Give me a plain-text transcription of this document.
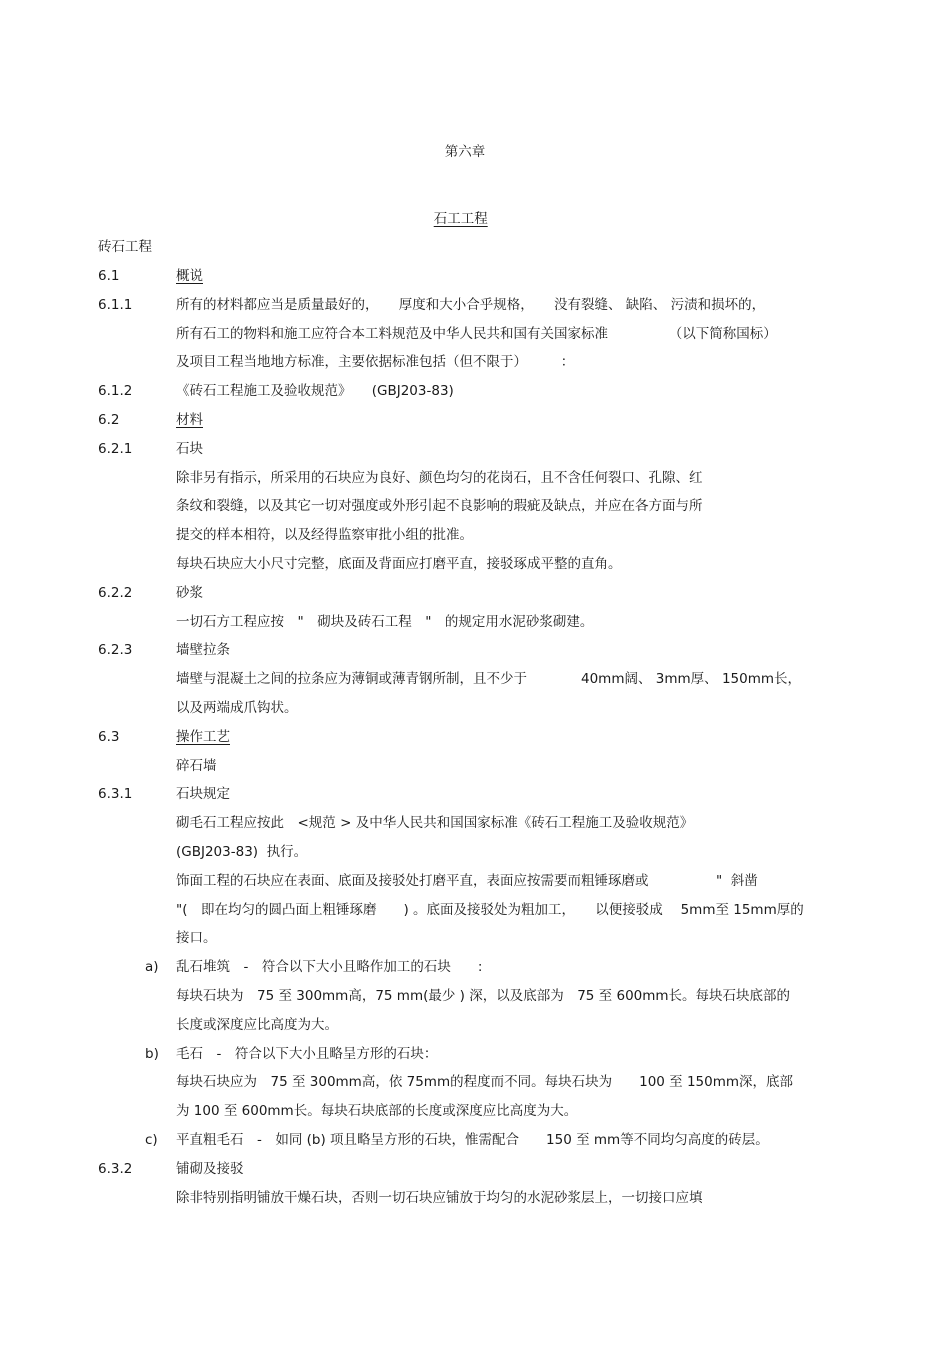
第六章
石工工程
砖石工程
6.1	概说
6.1.1	所有的材料都应当是质量最好的，　　厚度和大小合乎规格，　　没有裂缝、 缺陷、 污渍和损坏的，
所有石工的物料和施工应符合本工料规范及中华人民共和国有关国家标准　　　　　（以下简称国标）
及项目工程当地地方标准，主要依据标准包括（但不限于）　　　：
6.1.2	《砖石工程施工及验收规范》　　(GBJ203-83)
6.2	材料
6.2.1	石块
除非另有指示，所采用的石块应为良好、颜色均匀的花岗石，且不含任何裂口、孔隙、红
条纹和裂缝，以及其它一切对强度或外形引起不良影响的瑕疵及缺点，并应在各方面与所
提交的样本相符，以及经得监察审批小组的批准。
每块石块应大小尺寸完整，底面及背面应打磨平直，接驳琢成平整的直角。
6.2.2	砂浆
一切石方工程应按　"　砌块及砖石工程　"　的规定用水泥砂浆砌建。
6.2.3	墙壁拉条
墙壁与混凝土之间的拉条应为薄铜或薄青钢所制，且不少于　　　　40mm阔、 3mm厚、 150mm长，
以及两端成爪钩状。
6.3	操作工艺
碎石墙
6.3.1	石块规定
砌毛石工程应按此　<规范 > 及中华人民共和国国家标准《砖石工程施工及验收规范》
(GBJ203-83)  执行。
饰面工程的石块应在表面、底面及接驳处打磨平直，表面应按需要而粗锤琢磨或　　　　　"  斜凿
"(　即在均匀的圆凸面上粗锤琢磨　　) 。底面及接驳处为粗加工，　　以便接驳成　 5mm至 15mm厚的
接口。
a) 乱石堆筑　-　符合以下大小且略作加工的石块　　:
每块石块为　75 至 300mm高，75 mm(最少 ) 深，以及底部为　75 至 600mm长。每块石块底部的
长度或深度应比高度为大。
b) 毛石　-　符合以下大小且略呈方形的石块：
每块石块应为　75 至 300mm高，依 75mm的程度而不同。每块石块为　　100 至 150mm深，底部
为 100 至 600mm长。每块石块底部的长度或深度应比高度为大。
c) 平直粗毛石　-　如同 (b) 项且略呈方形的石块，惟需配合　　150 至 mm等不同均匀高度的砖层。
6.3.2	铺砌及接驳
除非特别指明铺放干燥石块，否则一切石块应铺放于均匀的水泥砂浆层上，一切接口应填
